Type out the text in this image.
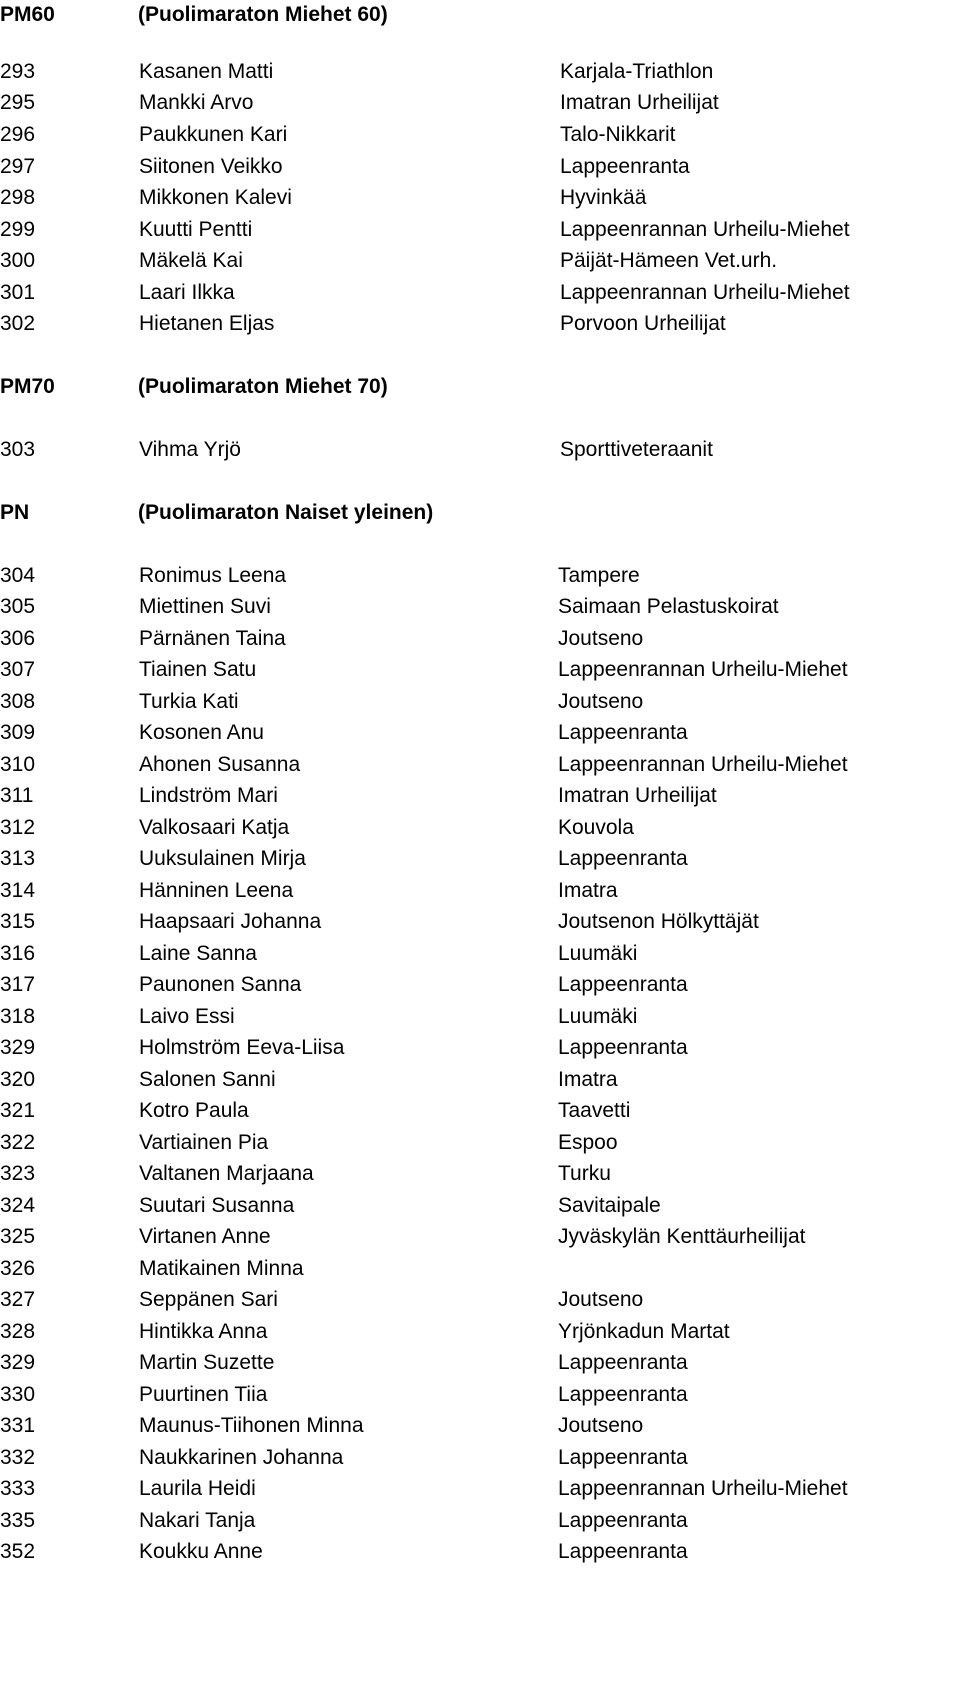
PM60	(Puolimaraton Miehet 60)
293	Kasanen Matti	Karjala-Triathlon
295	Mankki Arvo	Imatran Urheilijat
296	Paukkunen Kari	Talo-Nikkarit
297	Siitonen Veikko	Lappeenranta
298	Mikkonen Kalevi	Hyvinkää
299	Kuutti Pentti	Lappeenrannan Urheilu-Miehet
300	Mäkelä Kai	Päijät-Hämeen Vet.urh.
301	Laari Ilkka	Lappeenrannan Urheilu-Miehet
302	Hietanen Eljas	Porvoon Urheilijat
PM70	(Puolimaraton Miehet 70)
303	Vihma Yrjö	Sporttiveteraanit
PN	(Puolimaraton Naiset yleinen)
304	Ronimus Leena	Tampere
305	Miettinen Suvi	Saimaan Pelastuskoirat
306	Pärnänen Taina	Joutseno
307	Tiainen Satu	Lappeenrannan Urheilu-Miehet
308	Turkia Kati	Joutseno
309	Kosonen Anu	Lappeenranta
310	Ahonen Susanna	Lappeenrannan Urheilu-Miehet
311	Lindström Mari	Imatran Urheilijat
312	Valkosaari Katja	Kouvola
313	Uuksulainen Mirja	Lappeenranta
314	Hänninen Leena	Imatra
315	Haapsaari Johanna	Joutsenon Hölkyttäjät
316	Laine Sanna	Luumäki
317	Paunonen Sanna	Lappeenranta
318	Laivo Essi	Luumäki
329	Holmström Eeva-Liisa	Lappeenranta
320	Salonen Sanni	Imatra
321	Kotro Paula	Taavetti
322	Vartiainen Pia	Espoo
323	Valtanen Marjaana	Turku
324	Suutari Susanna	Savitaipale
325	Virtanen Anne	Jyväskylän Kenttäurheilijat
326	Matikainen Minna
327	Seppänen Sari	Joutseno
328	Hintikka Anna	Yrjönkadun Martat
329	Martin Suzette	Lappeenranta
330	Puurtinen Tiia	Lappeenranta
331	Maunus-Tiihonen Minna	Joutseno
332	Naukkarinen Johanna	Lappeenranta
333	Laurila Heidi	Lappeenrannan Urheilu-Miehet
335	Nakari Tanja	Lappeenranta
352	Koukku Anne	Lappeenranta
